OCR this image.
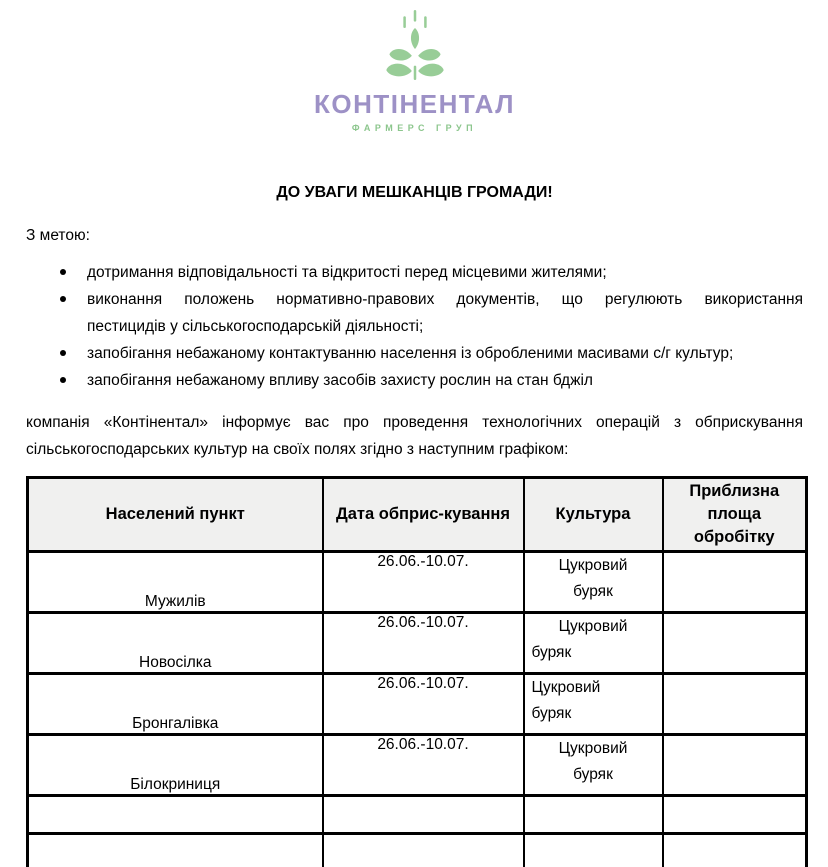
КОНТІНЕНТАЛ
ФАРМЕРС ГРУП
ДО УВАГИ МЕШКАНЦІВ ГРОМАДИ!
З метою:
дотримання відповідальності та відкритості перед місцевими жителями;
виконання положень нормативно-правових документів, що регулюють використання
пестицидів у сільськогосподарській діяльності;
запобігання небажаному контактуванню населення із обробленими масивами с/г культур;
запобігання небажаному впливу засобів захисту рослин на стан бджіл
компанія «Контінентал» інформує вас про проведення технологічних операцій з обприскування
сільськогосподарських культур на своїх полях згідно з наступним графіком:
Населений пункт	Дата обприс-кування	Культура	Приблизна площа обробітку
Мужилів	26.06.-10.07.	Цукровий
буряк	

Новосілка	26.06.-10.07.	Цукровий
буряк	

Бронгалівка	26.06.-10.07.	Цукровий
буряк	

Білокриниця	26.06.-10.07.	Цукровий
буряк	
